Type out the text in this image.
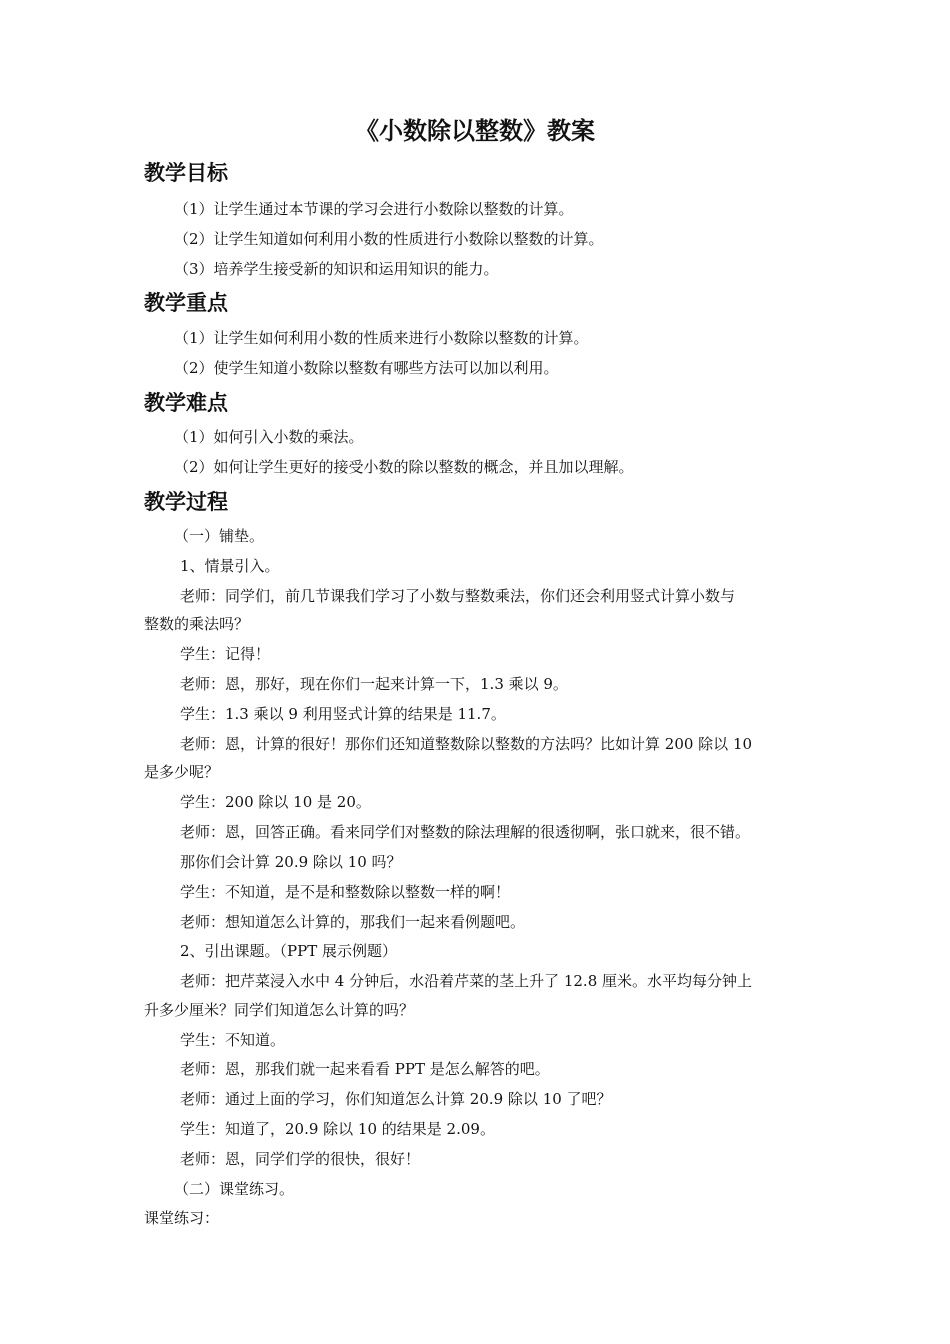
《小数除以整数》教案
教学目标
（1）让学生通过本节课的学习会进行小数除以整数的计算。
（2）让学生知道如何利用小数的性质进行小数除以整数的计算。
（3）培养学生接受新的知识和运用知识的能力。
教学重点
（1）让学生如何利用小数的性质来进行小数除以整数的计算。
（2）使学生知道小数除以整数有哪些方法可以加以利用。
教学难点
（1）如何引入小数的乘法。
（2）如何让学生更好的接受小数的除以整数的概念，并且加以理解。
教学过程
（一）铺垫。
1、情景引入。
老师：同学们，前几节课我们学习了小数与整数乘法，你们还会利用竖式计算小数与
整数的乘法吗？
学生：记得！
老师：恩，那好，现在你们一起来计算一下，1.3 乘以 9。
学生：1.3 乘以 9 利用竖式计算的结果是 11.7。
老师：恩，计算的很好！那你们还知道整数除以整数的方法吗？比如计算 200 除以 10
是多少呢？
学生：200 除以 10 是 20。
老师：恩，回答正确。看来同学们对整数的除法理解的很透彻啊，张口就来，很不错。
那你们会计算 20.9 除以 10 吗？
学生：不知道，是不是和整数除以整数一样的啊！
老师：想知道怎么计算的，那我们一起来看例题吧。
2、引出课题。（PPT 展示例题）
老师：把芹菜浸入水中 4 分钟后，水沿着芹菜的茎上升了 12.8 厘米。水平均每分钟上
升多少厘米？同学们知道怎么计算的吗？
学生：不知道。
老师：恩，那我们就一起来看看 PPT 是怎么解答的吧。
老师：通过上面的学习，你们知道怎么计算 20.9 除以 10 了吧？
学生：知道了，20.9 除以 10 的结果是 2.09。
老师：恩，同学们学的很快，很好！
（二）课堂练习。
课堂练习：
